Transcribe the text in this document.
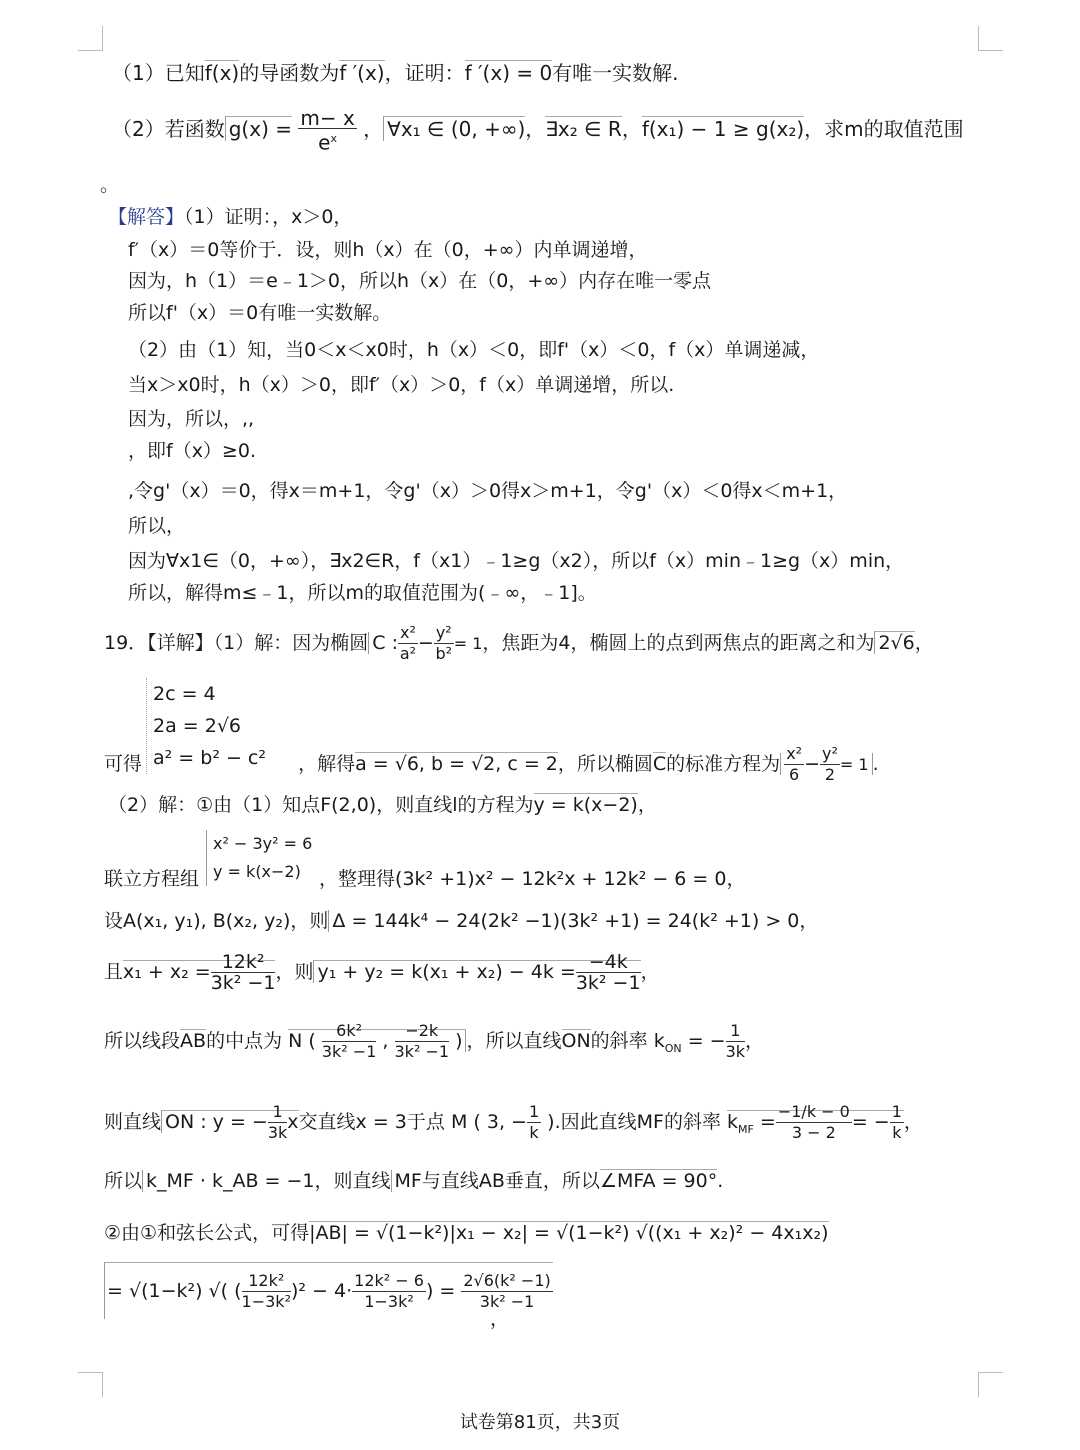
（1）已知f(x)的导函数为f ′(x)，证明：f ′(x) = 0有唯一实数解.
（2）若函数 $g(x) = \frac{m- x}{e^x}$ ， ∀x₁ ∈ (0, +∞)，∃x₂ ∈ R，f(x₁) − 1 ≥ g(x₂)，求m的取值范围
。
【解答】（1）证明：，x＞0，
f′（x）＝0等价于．设，则h（x）在（0，+∞）内单调递增，
因为，h（1）＝e﹣1＞0，所以h（x）在（0，+∞）内存在唯一零点
所以f'（x）＝0有唯一实数解。
（2）由（1）知，当0＜x＜x0时，h（x）＜0，即f'（x）＜0，f（x）单调递减，
当x＞x0时，h（x）＞0，即f′（x）＞0，f（x）单调递增，所以.
因为，所以，,,
，即f（x）≥0.
,令g'（x）＝0，得x＝m+1，令g'（x）＞0得x＞m+1，令g'（x）＜0得x＜m+1，
所以，
因为∀x1∈（0，+∞），∃x2∈R，f（x1）﹣1≥g（x2），所以f（x）min﹣1≥g（x）min，
所以，解得m≤﹣1，所以m的取值范围为(﹣∞，﹣1]。
19．【详解】（1）解：因为椭圆 C : $\frac{\text{x²}}{\text{a²}} - \frac{\text{y²}}{\text{b²}} = 1$，焦距为4，椭圆上的点到两焦点的距离之和为 2√6，
2c = 4
2a = 2√6
a² = b² − c²
可得	，解得a = √6, b = √2, c = 2，所以椭圆C的标准方程为 $\frac{\text{x²}}{6} - \frac{\text{y²}}{2} = 1$ .
（2）解：①由（1）知点F(2,0)，则直线l的方程为y = k(x−2)，
x² − 3y² = 6
y = k(x−2)
联立方程组	，整理得(3k² +1)x² − 12k²x + 12k² − 6 = 0，
设A(x₁, y₁), B(x₂, y₂)，则 Δ = 144k⁴ − 24(2k² −1)(3k² +1) = 24(k² +1) > 0，
且$x_1 + x_2 = \frac{\text{12k²}}{\text{3k² −1}}$ ，则 $y_1 + y_2 = k(x_1 + x_2) - 4k = \frac{-4k}{\text{3k² −1}}$ ，
所以线段AB的中点为 N ( $\frac{\text{6k²}}{\text{3k² −1}}$ , $\frac{-2k}{\text{3k² −1}}$ ) ，所以直线ON的斜率 $k_{ON}$ = − $\frac{1}{3k}$ ，
则直线 ON : y = − $\frac{1}{3k}$ x交直线x = 3于点 M ( 3, − $\frac{1}{k}$ ).因此直线MF的斜率 $k_{MF} = \frac{-1/k - 0}{3 - 2}$ = − $\frac{1}{k}$ ，
所以 k_MF · k_AB = −1，则直线 MF与直线AB垂直，所以∠MFA = 90°.
②由①和弦长公式，可得|AB| = √(1−k²)|x₁ − x₂| = √(1−k²) √((x₁ + x₂)² − 4x₁x₂)
= √(1−k²) √( ( $\frac{\text{12k²}}{\text{1−3k²}} )^2 - 4\cdot \frac{\text{12k² − 6}}{\text{1−3k²}}$ ) = $\frac{\text{2√6(k² −1)}}{\text{3k² −1}}$
，
试卷第81页，共3页
